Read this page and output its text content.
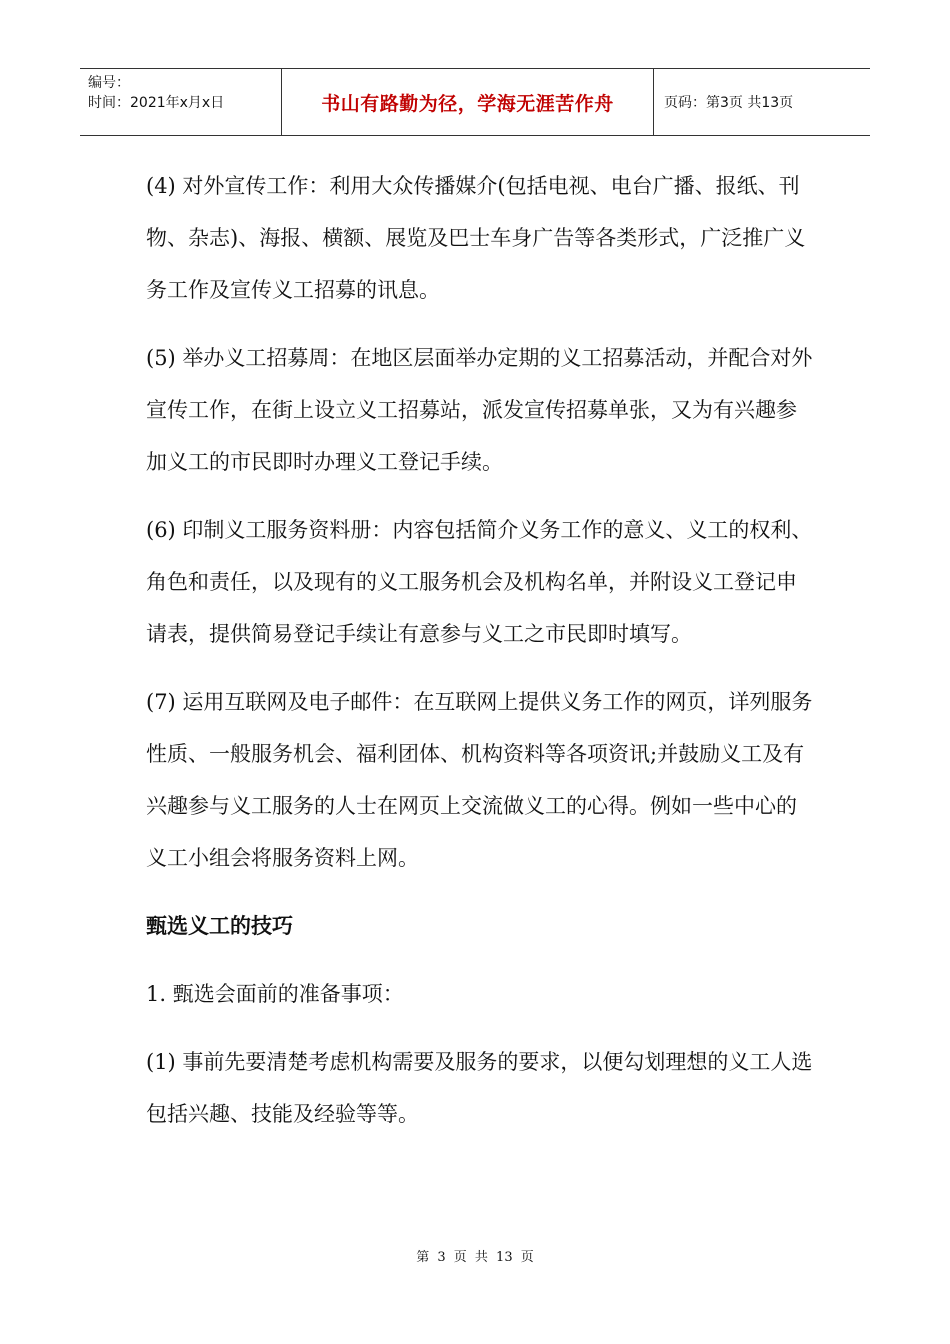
编号：
时间：2021年x月x日	书山有路勤为径，学海无涯苦作舟	页码：第3页 共13页
(4) 对外宣传工作：利用大众传播媒介(包括电视、电台广播、报纸、刊物、杂志)、海报、横额、展览及巴士车身广告等各类形式，广泛推广义务工作及宣传义工招募的讯息。
(5) 举办义工招募周：在地区层面举办定期的义工招募活动，并配合对外宣传工作，在街上设立义工招募站，派发宣传招募单张，又为有兴趣参加义工的市民即时办理义工登记手续。
(6) 印制义工服务资料册：内容包括简介义务工作的意义、义工的权利、角色和责任，以及现有的义工服务机会及机构名单，并附设义工登记申请表，提供简易登记手续让有意参与义工之市民即时填写。
(7) 运用互联网及电子邮件：在互联网上提供义务工作的网页，详列服务性质、一般服务机会、福利团体、机构资料等各项资讯;并鼓励义工及有兴趣参与义工服务的人士在网页上交流做义工的心得。例如一些中心的义工小组会将服务资料上网。
甄选义工的技巧
1. 甄选会面前的准备事项：
(1) 事前先要清楚考虑机构需要及服务的要求，以便勾划理想的义工人选包括兴趣、技能及经验等等。
第 3 页 共 13 页
